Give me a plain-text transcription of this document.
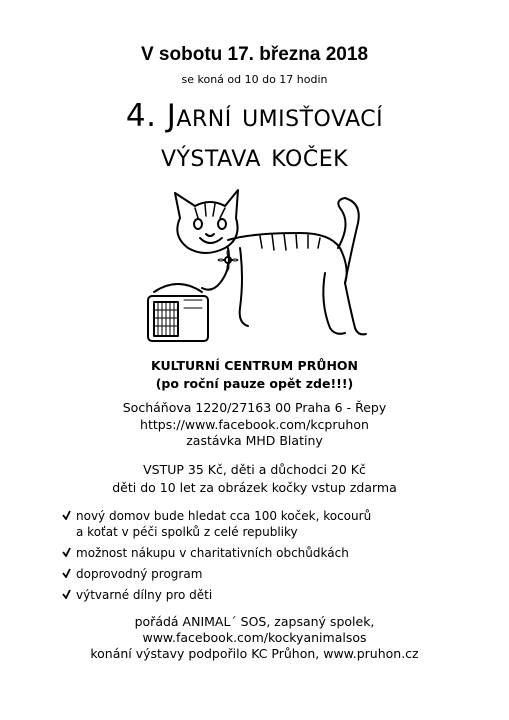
V sobotu 17. března 2018
se koná od 10 do 17 hodin
4. Jarní umisťovací
výstava koček
KULTURNÍ CENTRUM PRŮHON
(po roční pauze opět zde!!!)
Socháňova 1220/27163 00 Praha 6 - Řepy
https://www.facebook.com/kcpruhon
zastávka MHD Blatiny
VSTUP 35 Kč, děti a důchodci 20 Kč
děti do 10 let za obrázek kočky vstup zdarma
nový domov bude hledat cca 100 koček, kocourů
a koťat v péči spolků z celé republiky
možnost nákupu v charitativních obchůdkách
doprovodný program
výtvarné dílny pro děti
pořádá ANIMAL´ SOS, zapsaný spolek,
www.facebook.com/kockyanimalsos
konání výstavy podpořilo KC Průhon, www.pruhon.cz
